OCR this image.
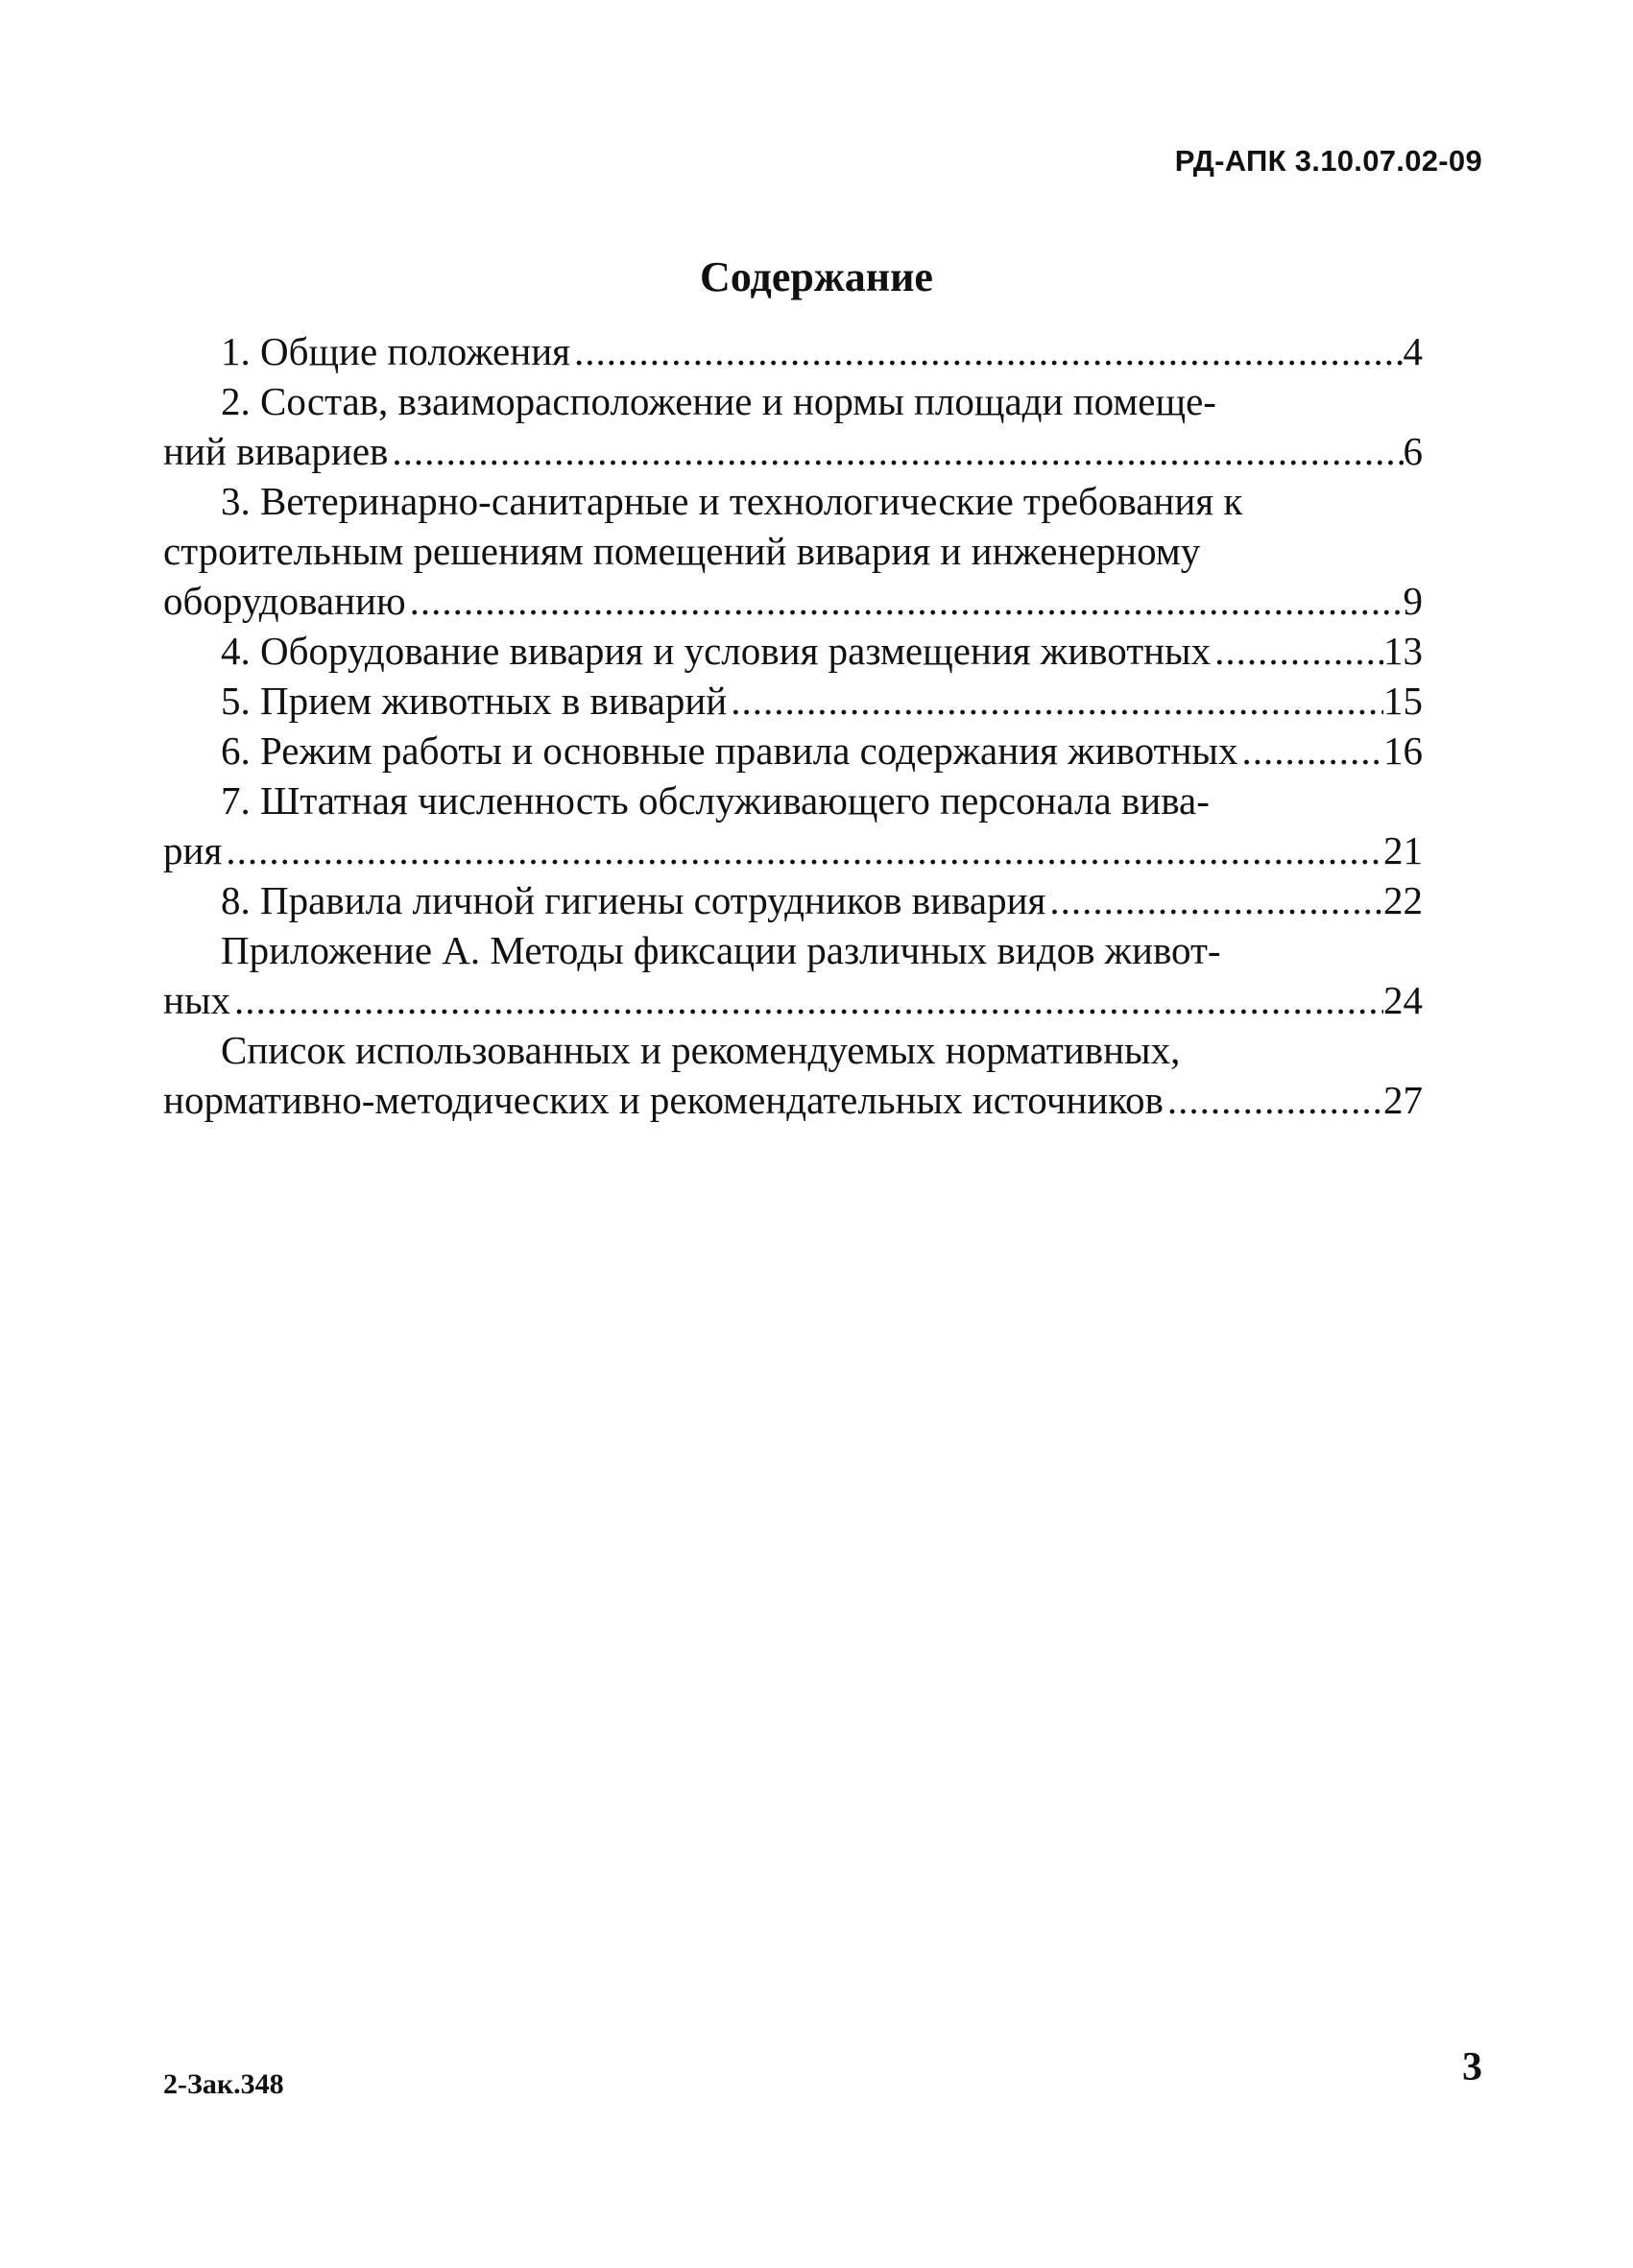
РД-АПК 3.10.07.02-09
Содержание
1. Общие положения .....	4
2. Состав, взаиморасположение и нормы площади помеще-
ний вивариев .....	6
3. Ветеринарно-санитарные и технологические требования к
строительным решениям помещений вивария и инженерному
оборудованию .....	9
4. Оборудование вивария и условия размещения животных .....	13
5. Прием животных в виварий .....	15
6. Режим работы и основные правила содержания животных .....	16
7. Штатная численность обслуживающего персонала вива-
рия .....	21
8. Правила личной гигиены сотрудников вивария .....	22
Приложение А. Методы фиксации различных видов живот-
ных .....	24
Список использованных и рекомендуемых нормативных,
нормативно-методических и рекомендательных источников .....	27
2-Зак.348	3
